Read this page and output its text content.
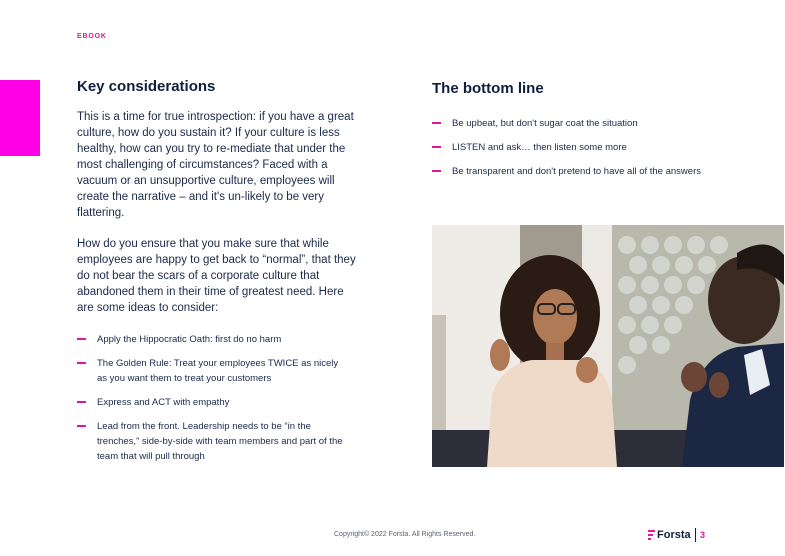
EBOOK
Key considerations

This is a time for true introspection: if you have a great culture, how do you sustain it? If your culture is less healthy, how can you try to re-mediate that under the most challenging of circumstances? Faced with a vacuum or an unsupportive culture, employees will create the narrative – and it's un-likely to be very flattering.

How do you ensure that you make sure that while employees are happy to get back to “normal”, that they do not bear the scars of a corporate culture that abandoned them in their time of greatest need. Here are some ideas to consider:

Apply the Hippocratic Oath: first do no harm
The Golden Rule: Treat your employees TWICE as nicely as you want them to treat your customers
Express and ACT with empathy
Lead from the front. Leadership needs to be “in the trenches,” side-by-side with team members and part of the team that will pull through
The bottom line
Be upbeat, but don't sugar coat the situation
LISTEN and ask… then listen some more
Be transparent and don't pretend to have all of the answers
Copyright© 2022 Forsta. All Rights Reserved.	Forsta 3
